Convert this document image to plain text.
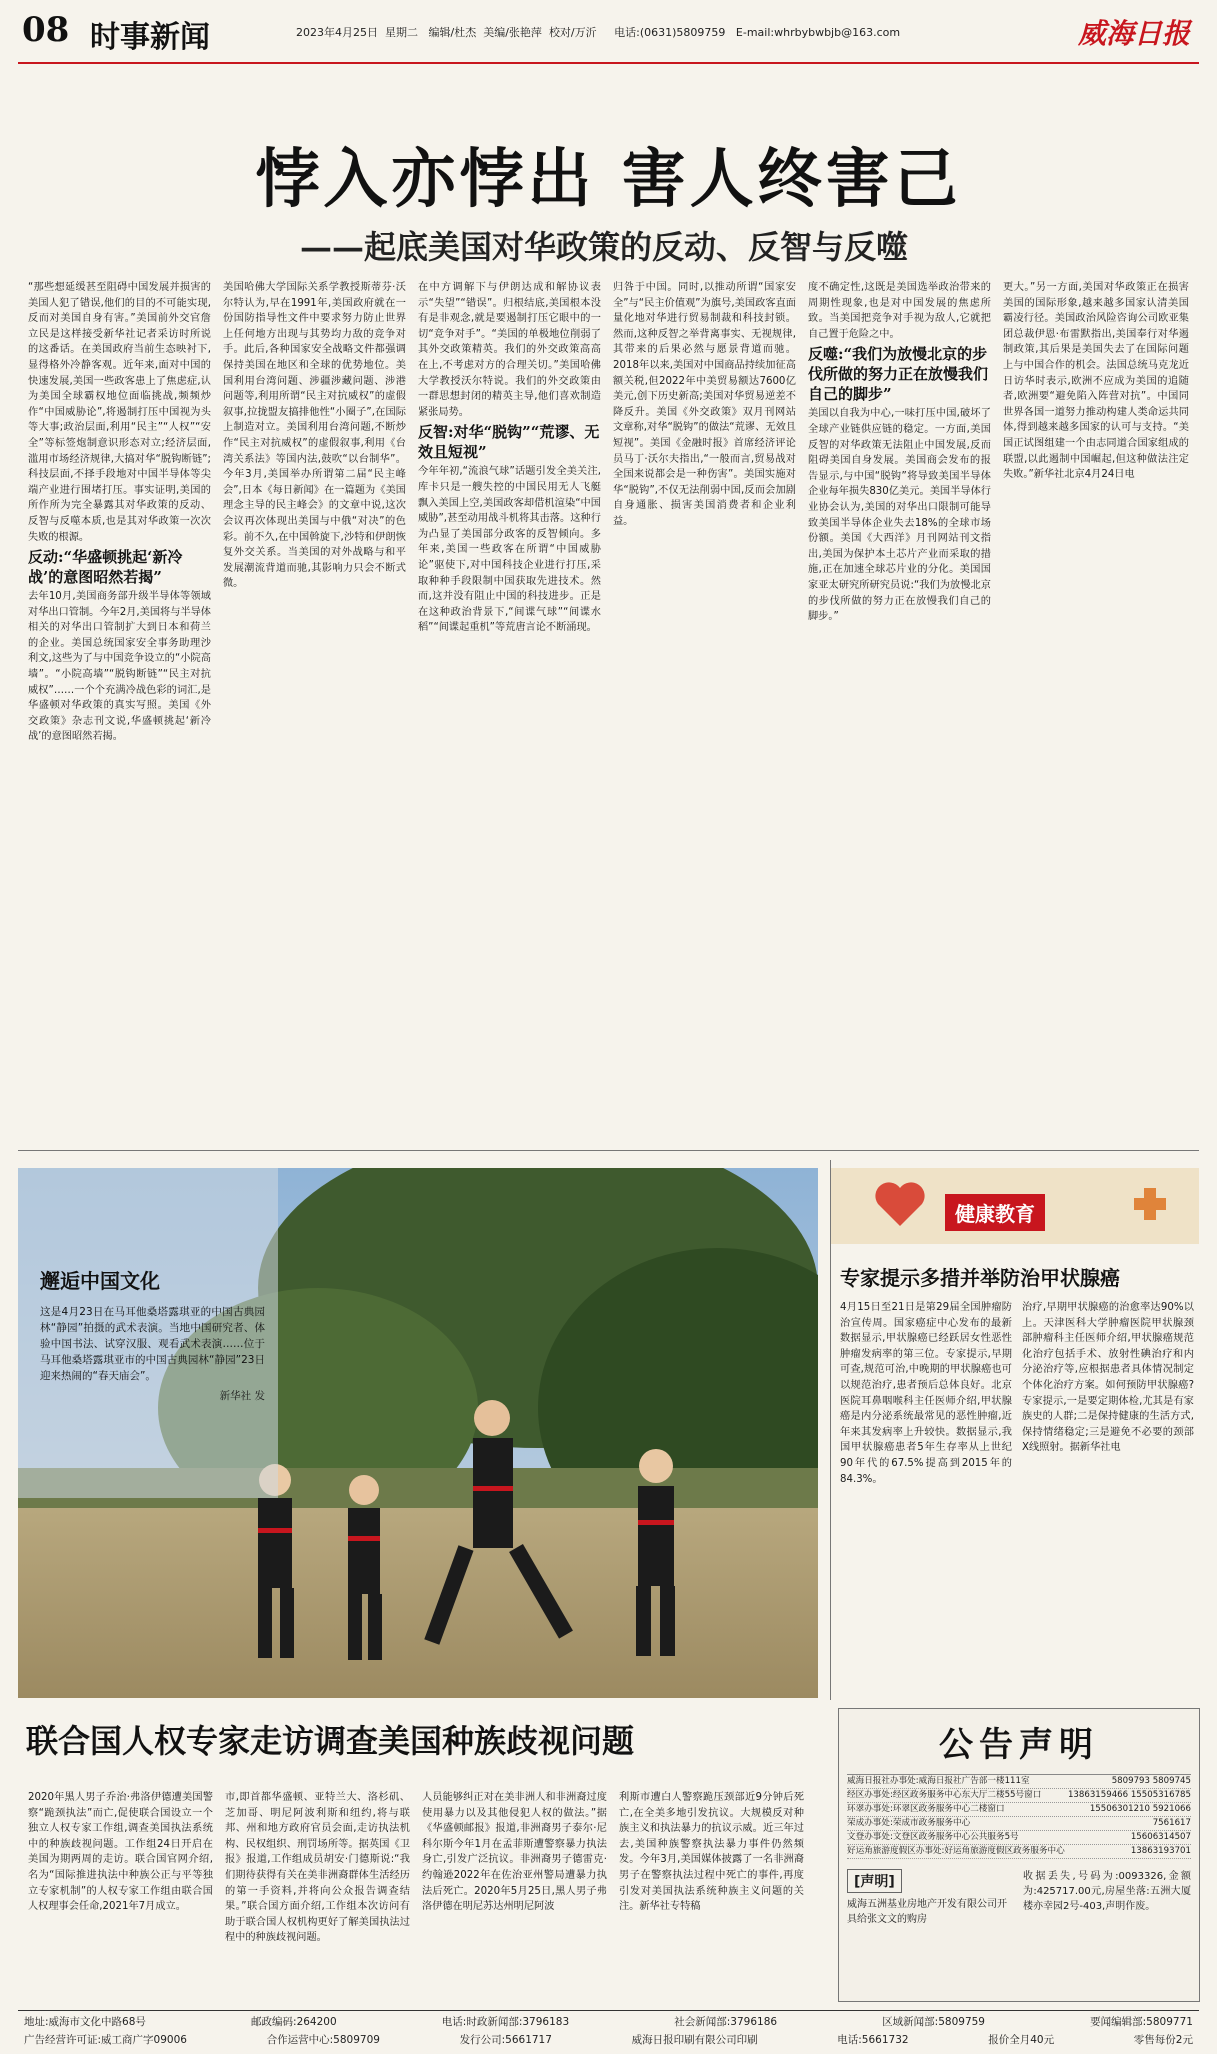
08 时事新闻	2023年4月25日 星期二 编辑/杜杰 美编/张艳萍 校对/万沂 电话:(0631)5809759 E-mail:whrbybwbjb@163.com	威海日报
悖入亦悖出 害人终害己
——起底美国对华政策的反动、反智与反噬

“那些想延缓甚至阻碍中国发展并损害的美国人犯了错误,他们的目的不可能实现,反而对美国自身有害。”美国前外交官詹立民是这样接受新华社记者采访时所说的这番话。在美国政府当前生态映衬下,显得格外冷静客观。近年来,面对中国的快速发展,美国一些政客患上了焦虑症,认为美国全球霸权地位面临挑战,频频炒作“中国威胁论”,将遏制打压中国视为头等大事;政治层面,利用“民主”“人权”“安全”等标签炮制意识形态对立;经济层面,滥用市场经济规律,大搞对华“脱钩断链”;科技层面,不择手段地对中国半导体等尖端产业进行围堵打压。事实证明,美国的所作所为完全暴露其对华政策的反动、反智与反噬本质,也是其对华政策一次次失败的根源。

反动:“华盛顿挑起‘新冷战’的意图昭然若揭”

去年10月,美国商务部升级半导体等领域对华出口管制。今年2月,美国将与半导体相关的对华出口管制扩大到日本和荷兰的企业。美国总统国家安全事务助理沙利文,这些为了与中国竞争设立的“小院高墙”。“小院高墙”“脱钩断链”“民主对抗威权”……一个个充满冷战色彩的词汇,是华盛顿对华政策的真实写照。美国《外交政策》杂志刊文说,华盛顿挑起‘新冷战’的意图昭然若揭。

美国哈佛大学国际关系学教授斯蒂芬·沃尔特认为,早在1991年,美国政府就在一份国防指导性文件中要求努力防止世界上任何地方出现与其势均力敌的竞争对手。此后,各种国家安全战略文件都强调保持美国在地区和全球的优势地位。美国利用台湾问题、涉疆涉藏问题、涉港问题等,利用所谓“民主对抗威权”的虚假叙事,拉拢盟友搞排他性“小圈子”,在国际上制造对立。美国利用台湾问题,不断炒作“民主对抗威权”的虚假叙事,利用《台湾关系法》等国内法,鼓吹“以台制华”。今年3月,美国举办所谓第二届“民主峰会”,日本《每日新闻》在一篇题为《美国理念主导的民主峰会》的文章中说,这次会议再次体现出美国与中俄“对决”的色彩。前不久,在中国斡旋下,沙特和伊朗恢复外交关系。当美国的对外战略与和平发展潮流背道而驰,其影响力只会不断式微。

在中方调解下与伊朗达成和解协议表示“失望”“错误”。归根结底,美国根本没有是非观念,就是要遏制打压它眼中的一切“竞争对手”。“美国的单极地位削弱了其外交政策精英。我们的外交政策高高在上,不考虑对方的合理关切。”美国哈佛大学教授沃尔特说。我们的外交政策由一群思想封闭的精英主导,他们喜欢制造紧张局势。

反智:对华“脱钩”“荒谬、无效且短视”

今年年初,“流浪气球”话题引发全美关注,库卡只是一艘失控的中国民用无人飞艇飘入美国上空,美国政客却借机渲染“中国威胁”,甚至动用战斗机将其击落。这种行为凸显了美国部分政客的反智倾向。多年来,美国一些政客在所谓“中国威胁论”驱使下,对中国科技企业进行打压,采取种种手段限制中国获取先进技术。然而,这并没有阻止中国的科技进步。正是在这种政治背景下,“间谍气球”“间谍水稻”“间谍起重机”等荒唐言论不断涌现。

归咎于中国。同时,以推动所谓“国家安全”与“民主价值观”为旗号,美国政客直面量化地对华进行贸易制裁和科技封锁。然而,这种反智之举背离事实、无视规律,其带来的后果必然与愿景背道而驰。2018年以来,美国对中国商品持续加征高额关税,但2022年中美贸易额达7600亿美元,创下历史新高;美国对华贸易逆差不降反升。美国《外交政策》双月刊网站文章称,对华“脱钩”的做法“荒谬、无效且短视”。美国《金融时报》首席经济评论员马丁·沃尔夫指出,“一般而言,贸易战对全国来说都会是一种伤害”。美国实施对华“脱钩”,不仅无法削弱中国,反而会加剧自身通胀、损害美国消费者和企业利益。

度不确定性,这既是美国选举政治带来的周期性现象,也是对中国发展的焦虑所致。当美国把竞争对手视为敌人,它就把自己置于危险之中。

反噬:“我们为放慢北京的步伐所做的努力正在放慢我们自己的脚步”

美国以自我为中心,一味打压中国,破坏了全球产业链供应链的稳定。一方面,美国反智的对华政策无法阻止中国发展,反而阻碍美国自身发展。美国商会发布的报告显示,与中国“脱钩”将导致美国半导体企业每年损失830亿美元。美国半导体行业协会认为,美国的对华出口限制可能导致美国半导体企业失去18%的全球市场份额。美国《大西洋》月刊网站刊文指出,美国为保护本土芯片产业而采取的措施,正在加速全球芯片业的分化。美国国家亚太研究所研究员说:“我们为放慢北京的步伐所做的努力正在放慢我们自己的脚步。”

更大。”另一方面,美国对华政策正在损害美国的国际形象,越来越多国家认清美国霸凌行径。美国政治风险咨询公司欧亚集团总裁伊恩·布雷默指出,美国奉行对华遏制政策,其后果是美国失去了在国际问题上与中国合作的机会。法国总统马克龙近日访华时表示,欧洲不应成为美国的追随者,欧洲要“避免陷入阵营对抗”。中国同世界各国一道努力推动构建人类命运共同体,得到越来越多国家的认可与支持。“美国正试图组建一个由志同道合国家组成的联盟,以此遏制中国崛起,但这种做法注定失败。”新华社北京4月24日电

邂逅中国文化

这是4月23日在马耳他桑塔露琪亚的中国古典园林“静园”拍摄的武术表演。当地中国研究者、体验中国书法、试穿汉服、观看武术表演……位于马耳他桑塔露琪亚市的中国古典园林“静园”23日迎来热闹的“春天庙会”。

新华社 发
健康教育
专家提示多措并举防治甲状腺癌

4月15日至21日是第29届全国肿瘤防治宣传周。国家癌症中心发布的最新数据显示,甲状腺癌已经跃居女性恶性肿瘤发病率的第三位。专家提示,早期可查,规范可治,中晚期的甲状腺癌也可以规范治疗,患者预后总体良好。北京医院耳鼻咽喉科主任医师介绍,甲状腺癌是内分泌系统最常见的恶性肿瘤,近年来其发病率上升较快。数据显示,我国甲状腺癌患者5年生存率从上世纪90年代的67.5%提高到2015年的84.3%。

治疗,早期甲状腺癌的治愈率达90%以上。天津医科大学肿瘤医院甲状腺颈部肿瘤科主任医师介绍,甲状腺癌规范化治疗包括手术、放射性碘治疗和内分泌治疗等,应根据患者具体情况制定个体化治疗方案。如何预防甲状腺癌?专家提示,一是要定期体检,尤其是有家族史的人群;二是保持健康的生活方式,保持情绪稳定;三是避免不必要的颈部X线照射。据新华社电

联合国人权专家走访调查美国种族歧视问题

2020年黑人男子乔治·弗洛伊德遭美国警察“跪颈执法”而亡,促使联合国设立一个独立人权专家工作组,调查美国执法系统中的种族歧视问题。工作组24日开启在美国为期两周的走访。联合国官网介绍,名为“国际推进执法中种族公正与平等独立专家机制”的人权专家工作组由联合国人权理事会任命,2021年7月成立。

市,即首都华盛顿、亚特兰大、洛杉矶、芝加哥、明尼阿波利斯和纽约,将与联邦、州和地方政府官员会面,走访执法机构、民权组织、刑罚场所等。据英国《卫报》报道,工作组成员胡安·门德斯说:“我们期待获得有关在美非洲裔群体生活经历的第一手资料,并将向公众报告调查结果。”联合国方面介绍,工作组本次访问有助于联合国人权机构更好了解美国执法过程中的种族歧视问题。

人员能够纠正对在美非洲人和非洲裔过度使用暴力以及其他侵犯人权的做法。”据《华盛顿邮报》报道,非洲裔男子泰尔·尼科尔斯今年1月在孟菲斯遭警察暴力执法身亡,引发广泛抗议。非洲裔男子德雷克·约翰逊2022年在佐治亚州警局遭暴力执法后死亡。2020年5月25日,黑人男子弗洛伊德在明尼苏达州明尼阿波

利斯市遭白人警察跪压颈部近9分钟后死亡,在全美多地引发抗议。大规模反对种族主义和执法暴力的抗议示威。近三年过去,美国种族警察执法暴力事件仍然频发。今年3月,美国媒体披露了一名非洲裔男子在警察执法过程中死亡的事件,再度引发对美国执法系统种族主义问题的关注。新华社专特稿

公告声明
威海日报社办事处:威海日报社广告部一楼111室	5809793 5809745
经区办事处:经区政务服务中心东大厅二楼55号窗口	13863159466 15505316785
环翠办事处:环翠区政务服务中心二楼窗口	15506301210 5921066
荣成办事处:荣成市政务服务中心	7561617
文登办事处:文登区政务服务中心公共服务5号	15606314507
好运角旅游度假区办事处:好运角旅游度假区政务服务中心	13863193701
[声明]

威海五洲基业房地产开发有限公司开具给张文文的购房

收据丢失,号码为:0093326,金额为:425717.00元,房屋坐落:五洲大厦楼亦幸园2号-403,声明作废。

地址:威海市文化中路68号	邮政编码:264200	电话:时政新闻部:3796183	社会新闻部:3796186	区域新闻部:5809759	要闻编辑部:5809771
广告经营许可证:威工商广字09006	合作运营中心:5809709	发行公司:5661717	威海日报印刷有限公司印刷	电话:5661732	报价全月40元	零售每份2元
